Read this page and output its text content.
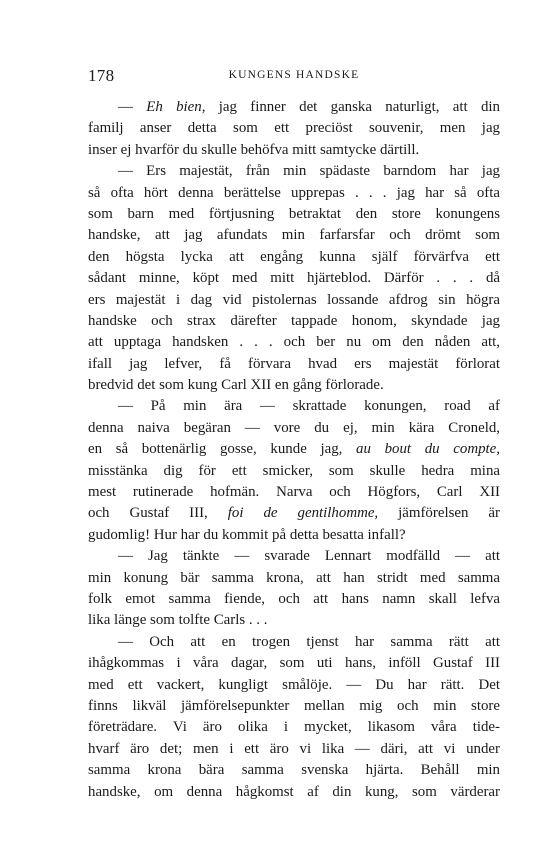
178	KUNGENS HANDSKE
— Eh bien, jag finner det ganska naturligt, att din
familj anser detta som ett preciöst souvenir, men jag
inser ej hvarför du skulle behöfva mitt samtycke därtill.
— Ers majestät, från min spädaste barndom har jag
så ofta hört denna berättelse upprepas . . . jag har så ofta
som barn med förtjusning betraktat den store konungens
handske, att jag afundats min farfarsfar och drömt som
den högsta lycka att engång kunna själf förvärfva ett
sådant minne, köpt med mitt hjärteblod. Därför . . . då
ers majestät i dag vid pistolernas lossande afdrog sin högra
handske och strax därefter tappade honom, skyndade jag
att upptaga handsken . . . och ber nu om den nåden att,
ifall jag lefver, få förvara hvad ers majestät förlorat
bredvid det som kung Carl XII en gång förlorade.
— På min ära — skrattade konungen, road af
denna naiva begäran — vore du ej, min kära Croneld,
en så bottenärlig gosse, kunde jag, au bout du compte,
misstänka dig för ett smicker, som skulle hedra mina
mest rutinerade hofmän. Narva och Högfors, Carl XII
och Gustaf III, foi de gentilhomme, jämförelsen är
gudomlig! Hur har du kommit på detta besatta infall?
— Jag tänkte — svarade Lennart modfälld — att
min konung bär samma krona, att han stridt med samma
folk emot samma fiende, och att hans namn skall lefva
lika länge som tolfte Carls . . .
— Och att en trogen tjenst har samma rätt att
ihågkommas i våra dagar, som uti hans, inföll Gustaf III
med ett vackert, kungligt smålöje. — Du har rätt. Det
finns likväl jämförelsepunkter mellan mig och min store
företrädare. Vi äro olika i mycket, likasom våra tide-
hvarf äro det; men i ett äro vi lika — däri, att vi under
samma krona bära samma svenska hjärta. Behåll min
handske, om denna hågkomst af din kung, som värderar
